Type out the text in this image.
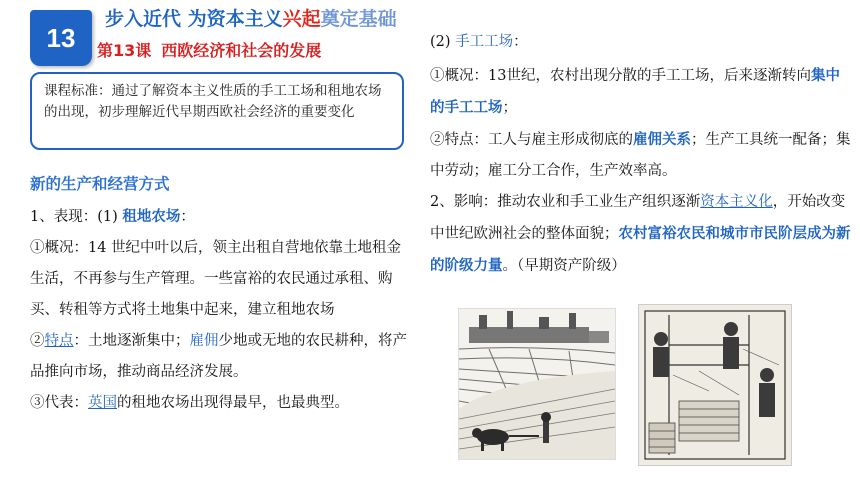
13
步入近代 为资本主义兴起奠定基础
第13课 西欧经济和社会的发展

课程标准：通过了解资本主义性质的手工工场和租地农场的出现，初步理解近代早期西欧社会经济的重要变化

新的生产和经营方式

1、表现：(1) 租地农场：

①概况：14 世纪中叶以后，领主出租自营地依靠土地租金生活，不再参与生产管理。一些富裕的农民通过承租、购买、转租等方式将土地集中起来，建立租地农场

②特点：土地逐渐集中；雇佣少地或无地的农民耕种，将产品推向市场，推动商品经济发展。

③代表：英国的租地农场出现得最早，也最典型。

(2) 手工工场：

①概况：13世纪，农村出现分散的手工工场，后来逐渐转向集中的手工工场；

②特点：工人与雇主形成彻底的雇佣关系；生产工具统一配备；集中劳动；雇工分工合作，生产效率高。

2、影响：推动农业和手工业生产组织逐渐资本主义化，开始改变中世纪欧洲社会的整体面貌；农村富裕农民和城市市民阶层成为新的阶级力量。（早期资产阶级）
